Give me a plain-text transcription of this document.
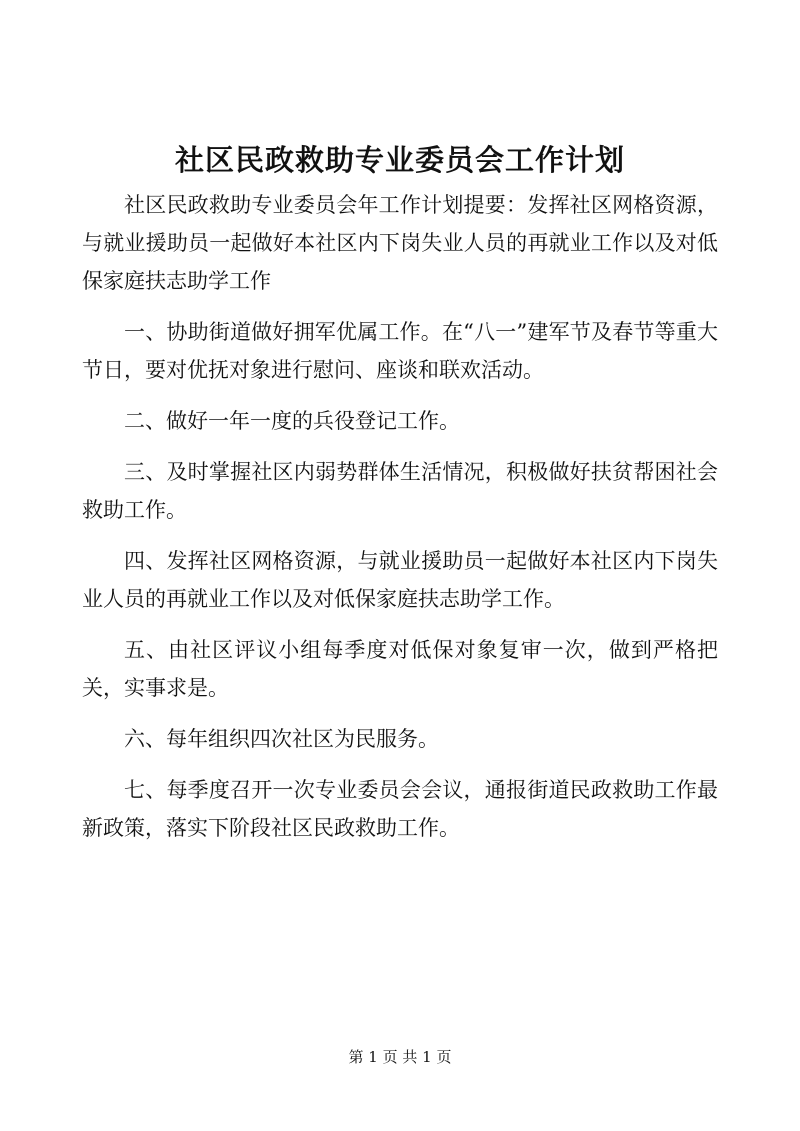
社区民政救助专业委员会工作计划

社区民政救助专业委员会年工作计划提要：发挥社区网格资源，与就业援助员一起做好本社区内下岗失业人员的再就业工作以及对低保家庭扶志助学工作

一、协助街道做好拥军优属工作。在“八一”建军节及春节等重大节日，要对优抚对象进行慰问、座谈和联欢活动。

二、做好一年一度的兵役登记工作。

三、及时掌握社区内弱势群体生活情况，积极做好扶贫帮困社会救助工作。

四、发挥社区网格资源，与就业援助员一起做好本社区内下岗失业人员的再就业工作以及对低保家庭扶志助学工作。

五、由社区评议小组每季度对低保对象复审一次，做到严格把关，实事求是。

六、每年组织四次社区为民服务。

七、每季度召开一次专业委员会会议，通报街道民政救助工作最新政策，落实下阶段社区民政救助工作。

第 1 页 共 1 页
